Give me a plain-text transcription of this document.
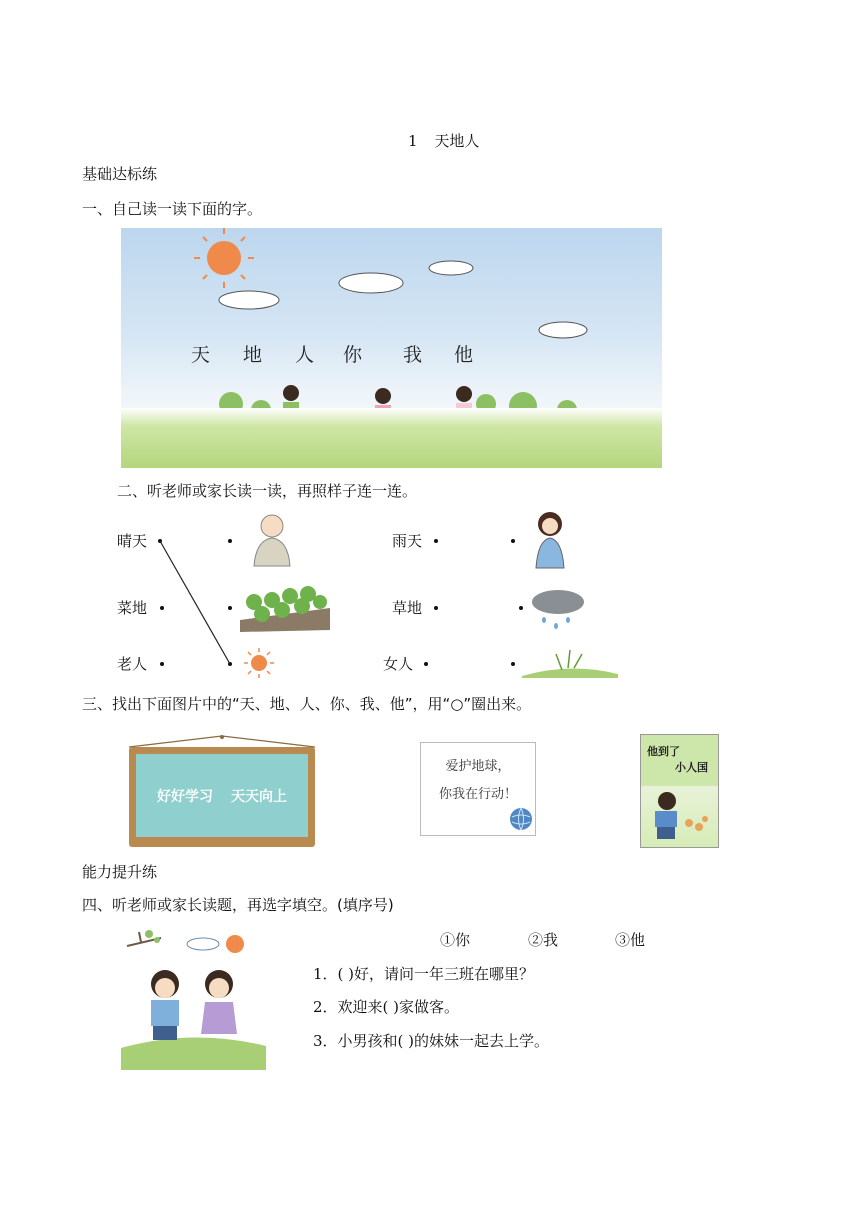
1 天地人
基础达标练
一、自己读一读下面的字。
天 地 人 你 我 他
二、听老师或家长读一读，再照样子连一连。
晴天
菜地
老人
雨天
草地
女人
三、找出下面图片中的“天、地、人、你、我、他”，用“○”圈出来。
好好学习 天天向上
爱护地球，
你我在行动！
他到了
小人国
能力提升练
四、听老师或家长读题，再选字填空。(填序号)
①你	②我	③他
1．( )好，请问一年三班在哪里？
2．欢迎来( )家做客。
3．小男孩和( )的妹妹一起去上学。
